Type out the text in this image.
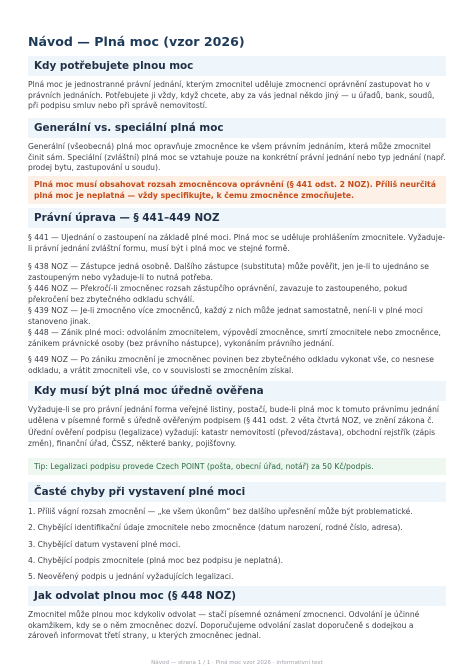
Návod — Plná moc (vzor 2026)
Kdy potřebujete plnou moc

Plná moc je jednostranné právní jednání, kterým zmocnitel uděluje zmocnenci oprávnění zastupovat ho v právních jednáních. Potřebujete ji vždy, když chcete, aby za vás jednal někdo jiný — u úřadů, bank, soudů, při podpisu smluv nebo při správě nemovitostí.

Generální vs. speciální plná moc

Generální (všeobecná) plná moc opravňuje zmocněnce ke všem právním jednáním, která může zmocnitel činit sám. Speciální (zvláštní) plná moc se vztahuje pouze na konkrétní právní jednání nebo typ jednání (např. prodej bytu, zastupování u soudu).

Plná moc musí obsahovat rozsah zmocněncova oprávnění (§ 441 odst. 2 NOZ). Příliš neurčitá plná moc je neplatná — vždy specifikujte, k čemu zmocněnce zmocňujete.
Právní úprava — § 441–449 NOZ

§ 441 — Ujednání o zastoupení na základě plné moci. Plná moc se uděluje prohlášením zmocnitele. Vyžaduje-li právní jednání zvláštní formu, musí být i plná moc ve stejné formě.

§ 438 NOZ — Zástupce jedná osobně. Dalšího zástupce (substituta) může pověřit, jen je-li to ujednáno se zastoupeným nebo vyžaduje-li to nutná potřeba.

§ 446 NOZ — Překročí-li zmocněnec rozsah zástupčího oprávnění, zavazuje to zastoupeného, pokud překročení bez zbytečného odkladu schválí.

§ 439 NOZ — Je-li zmocněno více zmocněnců, každý z nich může jednat samostatně, není-li v plné moci stanoveno jinak.

§ 448 — Zánik plné moci: odvoláním zmocnitelem, výpovědí zmocněnce, smrtí zmocnitele nebo zmocněnce, zánikem právnické osoby (bez právního nástupce), vykonáním právního jednání.

§ 449 NOZ — Po zániku zmocnění je zmocněnec povinen bez zbytečného odkladu vykonat vše, co nesnese odkladu, a vrátit zmocniteli vše, co v souvislosti se zmocněním získal.

Kdy musí být plná moc úředně ověřena

Vyžaduje-li se pro právní jednání forma veřejné listiny, postačí, bude-li plná moc k tomuto právnímu jednání udělena v písemné formě s úředně ověřeným podpisem (§ 441 odst. 2 věta čtvrtá NOZ, ve znění zákona č.

Úřední ověření podpisu (legalizace) vyžadují: katastr nemovitostí (převod/zástava), obchodní rejstřík (zápis změn), finanční úřad, ČSSZ, některé banky, pojišťovny.

Tip: Legalizaci podpisu provede Czech POINT (pošta, obecní úřad, notář) za 50 Kč/podpis.
Časté chyby při vystavení plné moci

1. Příliš vágní rozsah zmocnění — „ke všem úkonům“ bez dalšího upřesnění může být problematické.

2. Chybějící identifikační údaje zmocnitele nebo zmocněnce (datum narození, rodné číslo, adresa).

3. Chybějící datum vystavení plné moci.

4. Chybějící podpis zmocnitele (plná moc bez podpisu je neplatná).

5. Neověřený podpis u jednání vyžadujících legalizaci.

Jak odvolat plnou moc (§ 448 NOZ)

Zmocnitel může plnou moc kdykoliv odvolat — stačí písemné oznámení zmocnenci. Odvolání je účinné okamžikem, kdy se o něm zmocněnec dozví. Doporučujeme odvolání zaslat doporučeně s dodejkou a zároveň informovat třetí strany, u kterých zmocněnec jednal.

Návod — strana 1 / 1 · Plná moc vzor 2026 · informativní text
